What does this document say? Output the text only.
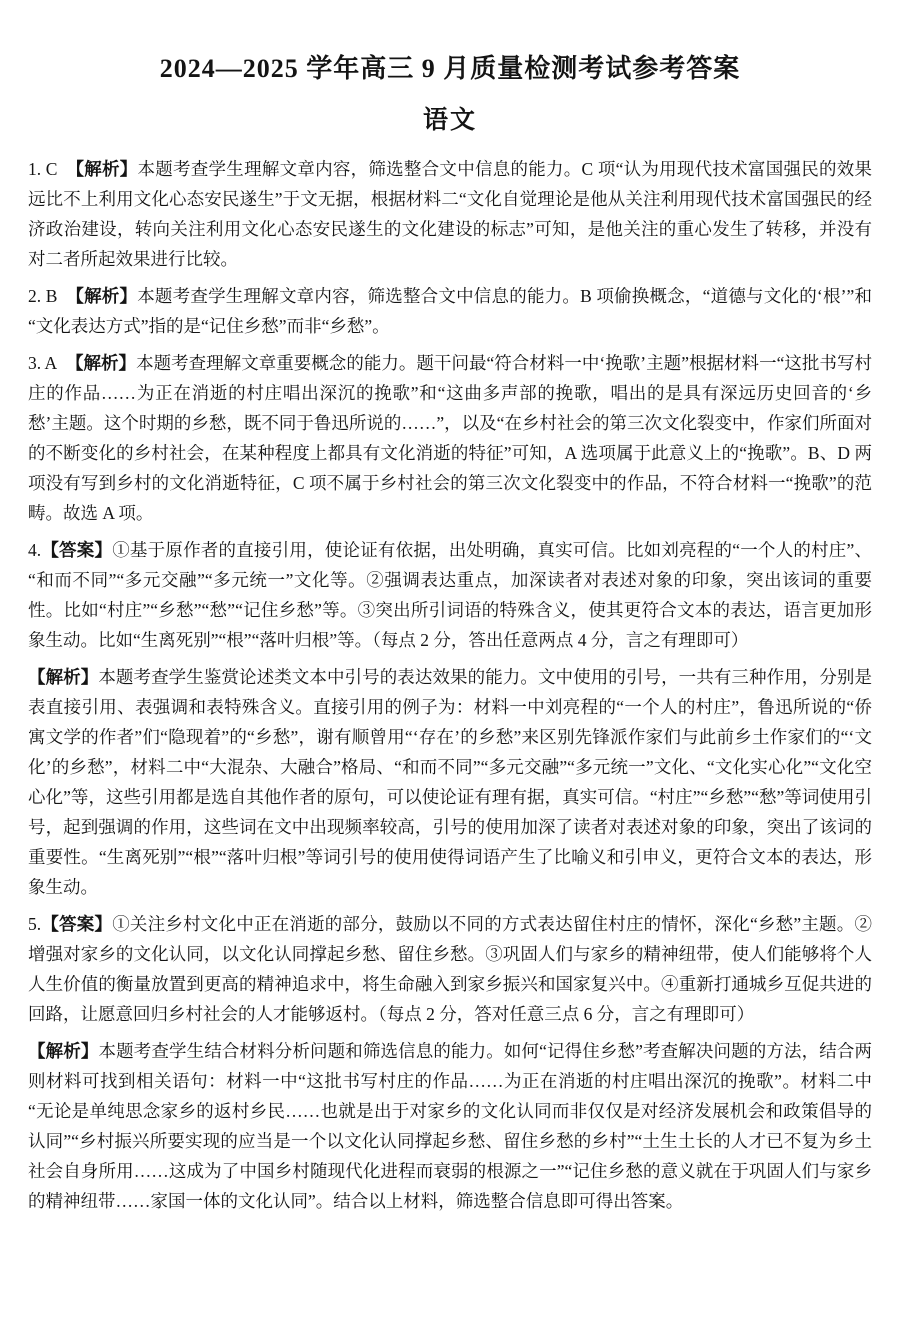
2024—2025 学年高三 9 月质量检测考试参考答案
语文

1. C 【解析】本题考查学生理解文章内容，筛选整合文中信息的能力。C 项“认为用现代技术富国强民的效果远比不上利用文化心态安民遂生”于文无据，根据材料二“文化自觉理论是他从关注利用现代技术富国强民的经济政治建设，转向关注利用文化心态安民遂生的文化建设的标志”可知，是他关注的重心发生了转移，并没有对二者所起效果进行比较。

2. B 【解析】本题考查学生理解文章内容，筛选整合文中信息的能力。B 项偷换概念，“道德与文化的‘根’”和“文化表达方式”指的是“记住乡愁”而非“乡愁”。

3. A 【解析】本题考查理解文章重要概念的能力。题干问最“符合材料一中‘挽歌’主题”根据材料一“这批书写村庄的作品……为正在消逝的村庄唱出深沉的挽歌”和“这曲多声部的挽歌，唱出的是具有深远历史回音的‘乡愁’主题。这个时期的乡愁，既不同于鲁迅所说的……”，以及“在乡村社会的第三次文化裂变中，作家们所面对的不断变化的乡村社会，在某种程度上都具有文化消逝的特征”可知，A 选项属于此意义上的“挽歌”。B、D 两项没有写到乡村的文化消逝特征，C 项不属于乡村社会的第三次文化裂变中的作品，不符合材料一“挽歌”的范畴。故选 A 项。

4.【答案】①基于原作者的直接引用，使论证有依据，出处明确，真实可信。比如刘亮程的“一个人的村庄”、“和而不同”“多元交融”“多元统一”文化等。②强调表达重点，加深读者对表述对象的印象，突出该词的重要性。比如“村庄”“乡愁”“愁”“记住乡愁”等。③突出所引词语的特殊含义，使其更符合文本的表达，语言更加形象生动。比如“生离死别”“根”“落叶归根”等。（每点 2 分，答出任意两点 4 分，言之有理即可）

【解析】本题考查学生鉴赏论述类文本中引号的表达效果的能力。文中使用的引号，一共有三种作用，分别是表直接引用、表强调和表特殊含义。直接引用的例子为：材料一中刘亮程的“一个人的村庄”，鲁迅所说的“侨寓文学的作者”们“隐现着”的“乡愁”，谢有顺曾用“‘存在’的乡愁”来区别先锋派作家们与此前乡土作家们的“‘文化’的乡愁”，材料二中“大混杂、大融合”格局、“和而不同”“多元交融”“多元统一”文化、“文化实心化”“文化空心化”等，这些引用都是选自其他作者的原句，可以使论证有理有据，真实可信。“村庄”“乡愁”“愁”等词使用引号，起到强调的作用，这些词在文中出现频率较高，引号的使用加深了读者对表述对象的印象，突出了该词的重要性。“生离死别”“根”“落叶归根”等词引号的使用使得词语产生了比喻义和引申义，更符合文本的表达，形象生动。

5.【答案】①关注乡村文化中正在消逝的部分，鼓励以不同的方式表达留住村庄的情怀，深化“乡愁”主题。②增强对家乡的文化认同，以文化认同撑起乡愁、留住乡愁。③巩固人们与家乡的精神纽带，使人们能够将个人人生价值的衡量放置到更高的精神追求中，将生命融入到家乡振兴和国家复兴中。④重新打通城乡互促共进的回路，让愿意回归乡村社会的人才能够返村。（每点 2 分，答对任意三点 6 分，言之有理即可）

【解析】本题考查学生结合材料分析问题和筛选信息的能力。如何“记得住乡愁”考查解决问题的方法，结合两则材料可找到相关语句：材料一中“这批书写村庄的作品……为正在消逝的村庄唱出深沉的挽歌”。材料二中“无论是单纯思念家乡的返村乡民……也就是出于对家乡的文化认同而非仅仅是对经济发展机会和政策倡导的认同”“乡村振兴所要实现的应当是一个以文化认同撑起乡愁、留住乡愁的乡村”“土生土长的人才已不复为乡土社会自身所用……这成为了中国乡村随现代化进程而衰弱的根源之一”“记住乡愁的意义就在于巩固人们与家乡的精神纽带……家国一体的文化认同”。结合以上材料，筛选整合信息即可得出答案。
